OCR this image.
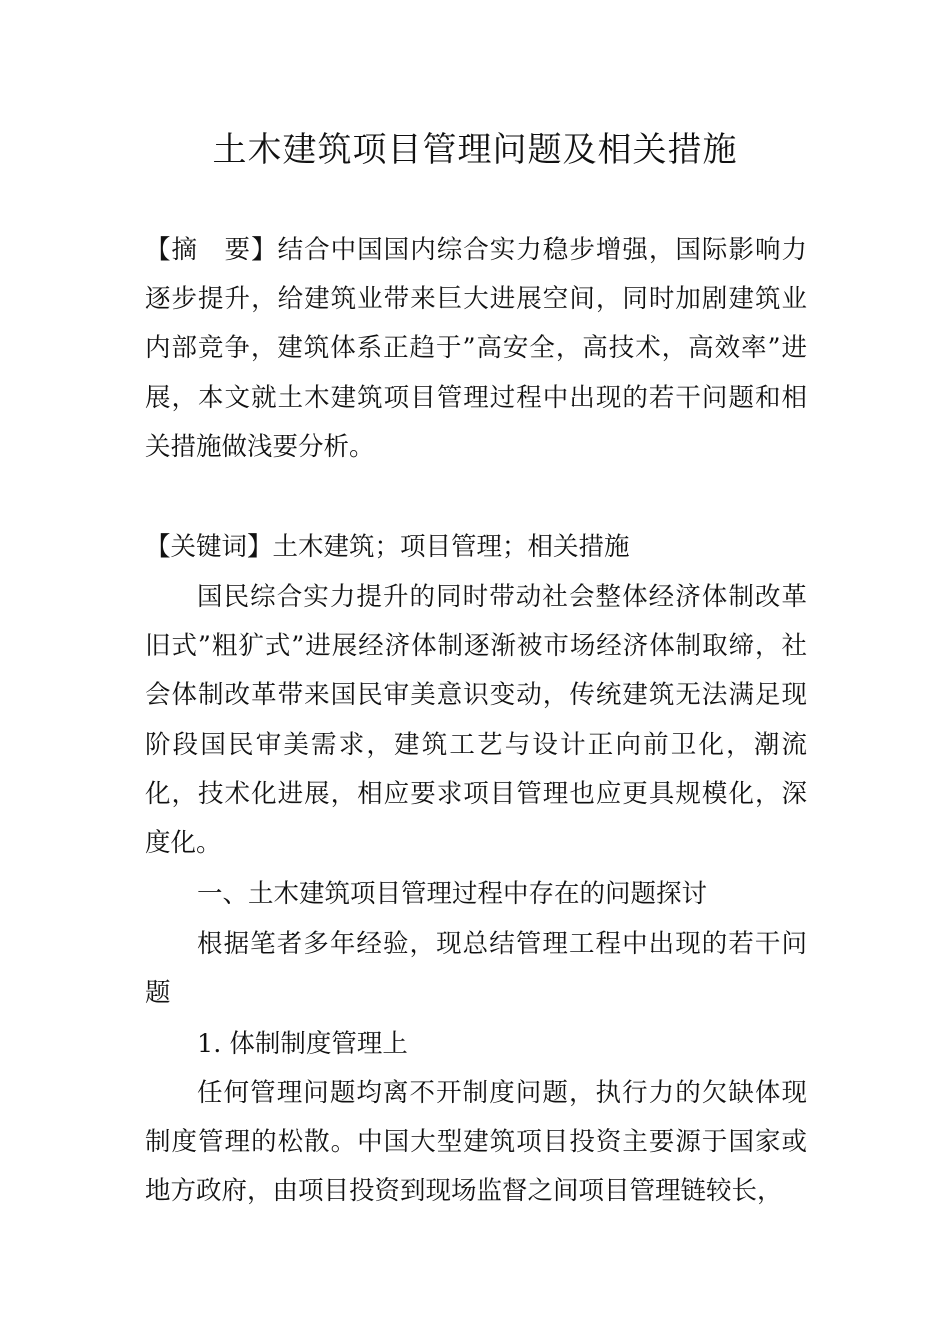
土木建筑项目管理问题及相关措施

【摘　要】结合中国国内综合实力稳步增强，国际影响力逐步提升，给建筑业带来巨大进展空间，同时加剧建筑业内部竞争，建筑体系正趋于”高安全，高技术，高效率”进展，本文就土木建筑项目管理过程中出现的若干问题和相关措施做浅要分析。

【关键词】土木建筑；项目管理；相关措施

国民综合实力提升的同时带动社会整体经济体制改革旧式”粗犷式”进展经济体制逐渐被市场经济体制取缔，社会体制改革带来国民审美意识变动，传统建筑无法满足现阶段国民审美需求，建筑工艺与设计正向前卫化，潮流化，技术化进展，相应要求项目管理也应更具规模化，深度化。

一、土木建筑项目管理过程中存在的问题探讨

根据笔者多年经验，现总结管理工程中出现的若干问题

1. 体制制度管理上

任何管理问题均离不开制度问题，执行力的欠缺体现制度管理的松散。中国大型建筑项目投资主要源于国家或地方政府，由项目投资到现场监督之间项目管理链较长，
